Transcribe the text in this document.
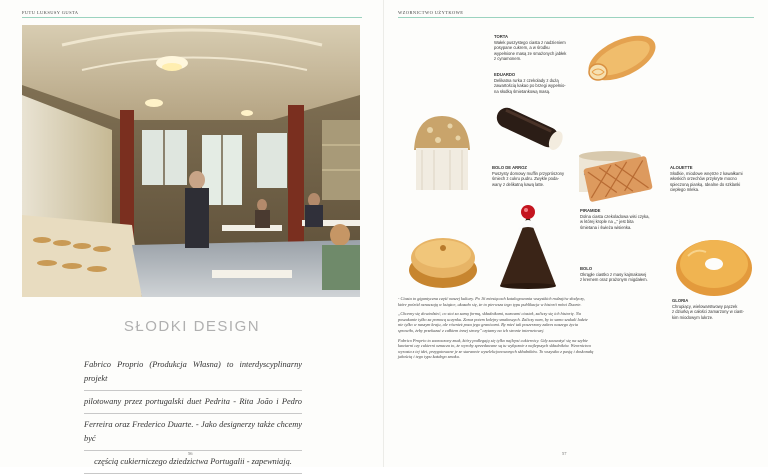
FUTU LUKSUSY GUSTA
SŁODKI DESIGN

Fabrico Proprio (Produkcja Własna) to interdyscyplinarny projekt

pilotowany przez portugalski duet Pedrita - Rita João i Pedro

Ferreira oraz Frederico Duarte. - Jako designerzy także chcemy być

częścią cukierniczego dziedzictwa Portugalii - zapewniają.

56
WZORNICTWO UŻYTKOWE
TORTA
Wałek puszystego ciasta z nadzieniem
posypane cukrem, a w środku
wypełnione masą ze smażonych jabłek
z cynamonem.
EDUARDO
Delikatna rurka z czekolady z dużą
zawartością kakao po brzegi wypełnio-
na słodką śmietankową masą.
BOLO DE ARROZ
Puszysty domowy muffin przyprószony
śmiech z cukru pudru. Zwykle poda-
wany z delikatną kawą latte.
ALOUETTE
Słodkie, miodowe wnętrze z kawałkami
włoskich orzechów przykryte mocno
spieczoną pianką. Idealne do szklanki
ciepłego mleka.
PIRAMIDE
Dolna ciasta czekoladowa wisi czyka,
w której krople na „," jest bita
śmietana i świeża wisienka.
BOLO
Okrągłe ciastko z masy kajmakowej
z kremem oraz prażonym migdałem.
GLORIA
Chrupiący, wielowarstwowy pączek
z dziurką w całości zamarzony w ciast-
kim miodowym lukrze.

- Ciasta to gigantyczna część naszej kultury. Po 16 miesiącach katalogowania wszystkich rodzajów słodyczy, które pośród oznaczają w książce, ukazało się, że to pierwsza tego typu publikacja w historii mówi Duarte.

„Chcemy się dowiedzieć, co stoi za samą formą, składnikami, nazwami ciastek, zaliczy się ich historię. Na poszukanie tylko za pomocą uczynku. Zaraz potem kolejny smakoszych. Zaliczy nam, by to samo szukali ludzie nie tylko w naszym kraju, ale również poza jego granicami. By mieć tak poszerzony zakres naszego życia sprawiło, żeby przekazać z całkiem innej strony" czytamy na ich stronie internetowej.

Fabrico Proprio to zaaraczony znak, który podlegają się tylko najlepsi cukiernicy. Gdy zauważyć się na szybie kawiarni czy cukierni oznacza to, że wyroby sprzedawane są tu wyłącznie z najlepszych składników. Wzornictwo wyrasta z tej idei, przygotowane je ze starannie wyselekcjonowanych składników. To wszystko z pasją i doskonałą jakością i tego typu każdego smaku.

57
